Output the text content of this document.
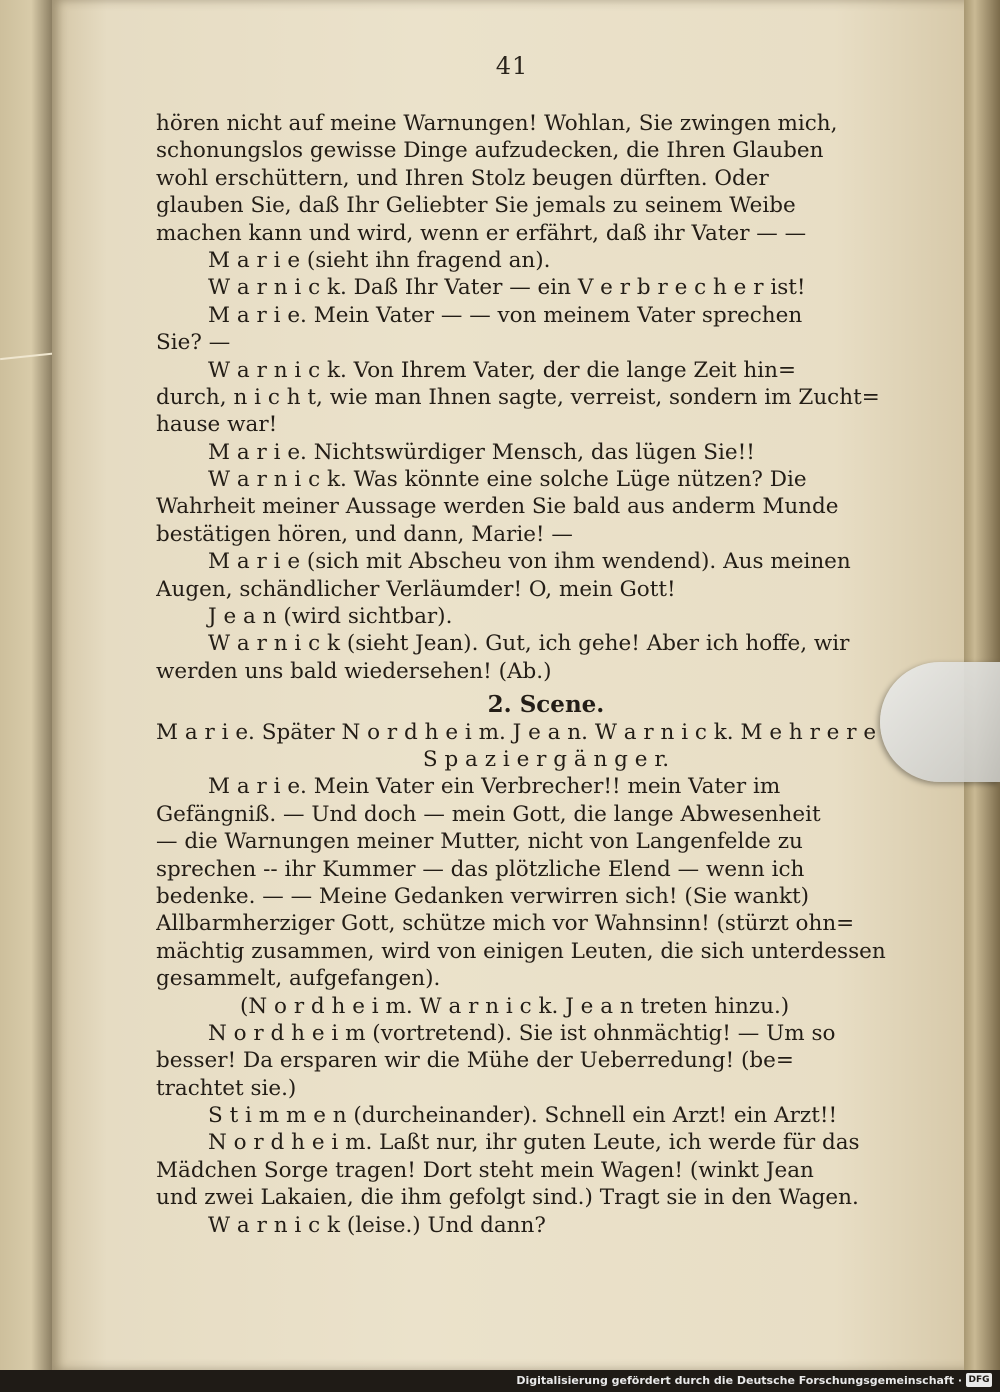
41
hören nicht auf meine Warnungen! Wohlan, Sie zwingen mich,
schonungslos gewisse Dinge aufzudecken, die Ihren Glauben
wohl erschüttern, und Ihren Stolz beugen dürften. Oder
glauben Sie, daß Ihr Geliebter Sie jemals zu seinem Weibe
machen kann und wird, wenn er erfährt, daß ihr Vater — —
M a r i e (sieht ihn fragend an).
W a r n i c k. Daß Ihr Vater — ein V e r b r e c h e r ist!
M a r i e. Mein Vater — — von meinem Vater sprechen
Sie? —
W a r n i c k. Von Ihrem Vater, der die lange Zeit hin=
durch, n i c h t, wie man Ihnen sagte, verreist, sondern im Zucht=
hause war!
M a r i e. Nichtswürdiger Mensch, das lügen Sie!!
W a r n i c k. Was könnte eine solche Lüge nützen? Die
Wahrheit meiner Aussage werden Sie bald aus anderm Munde
bestätigen hören, und dann, Marie! —
M a r i e (sich mit Abscheu von ihm wendend). Aus meinen
Augen, schändlicher Verläumder! O, mein Gott!
J e a n (wird sichtbar).
W a r n i c k (sieht Jean). Gut, ich gehe! Aber ich hoffe, wir
werden uns bald wiedersehen! (Ab.)
2. Scene.
M a r i e. Später N o r d h e i m. J e a n. W a r n i c k. M e h r e r e
S p a z i e r g ä n g e r.
M a r i e. Mein Vater ein Verbrecher!! mein Vater im
Gefängniß. — Und doch — mein Gott, die lange Abwesenheit
— die Warnungen meiner Mutter, nicht von Langenfelde zu
sprechen -- ihr Kummer — das plötzliche Elend — wenn ich
bedenke. — — Meine Gedanken verwirren sich! (Sie wankt)
Allbarmherziger Gott, schütze mich vor Wahnsinn! (stürzt ohn=
mächtig zusammen, wird von einigen Leuten, die sich unterdessen
gesammelt, aufgefangen).
(N o r d h e i m. W a r n i c k. J e a n treten hinzu.)
N o r d h e i m (vortretend). Sie ist ohnmächtig! — Um so
besser! Da ersparen wir die Mühe der Ueberredung! (be=
trachtet sie.)
S t i m m e n (durcheinander). Schnell ein Arzt! ein Arzt!!
N o r d h e i m. Laßt nur, ihr guten Leute, ich werde für das
Mädchen Sorge tragen! Dort steht mein Wagen! (winkt Jean
und zwei Lakaien, die ihm gefolgt sind.) Tragt sie in den Wagen.
W a r n i c k (leise.) Und dann?
Digitalisierung gefördert durch die Deutsche Forschungsgemeinschaft · DFG
